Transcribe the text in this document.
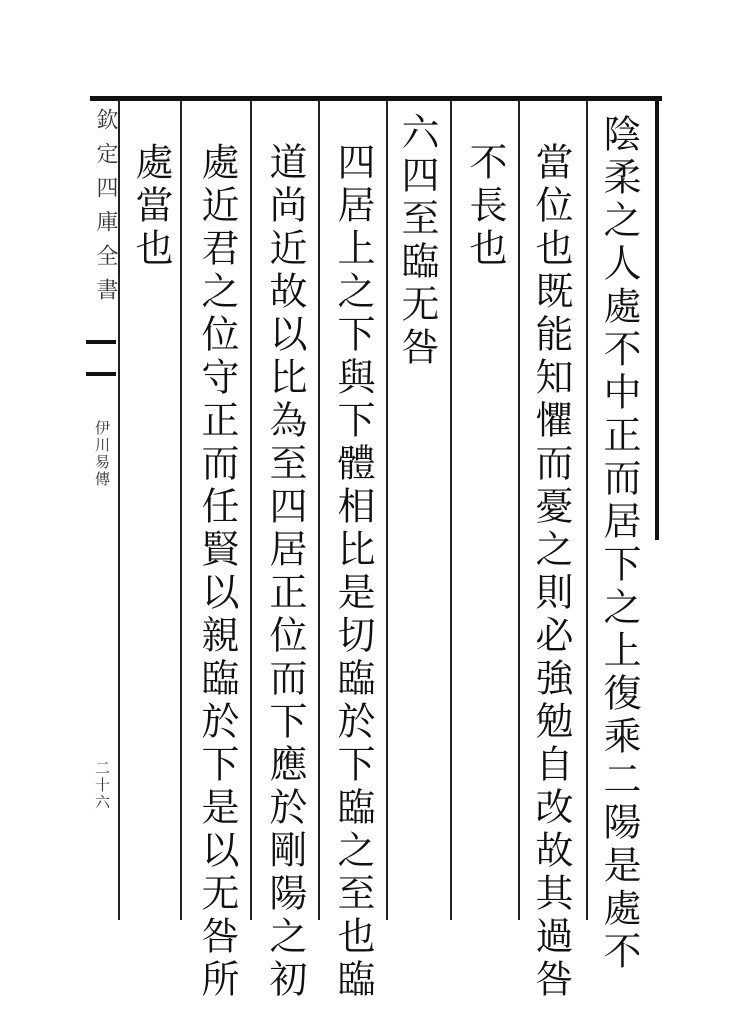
欽定四庫全書
伊川易傳
二十六	陰柔之人處不中正而居下之上復乘二陽是處不
當位也既能知懼而憂之則必強勉自改故其過咎
不長也
六四至臨无咎
四居上之下與下體相比是切臨於下臨之至也臨
道尚近故以比為至四居正位而下應於剛陽之初
處近君之位守正而任賢以親臨於下是以无咎所
處當也
